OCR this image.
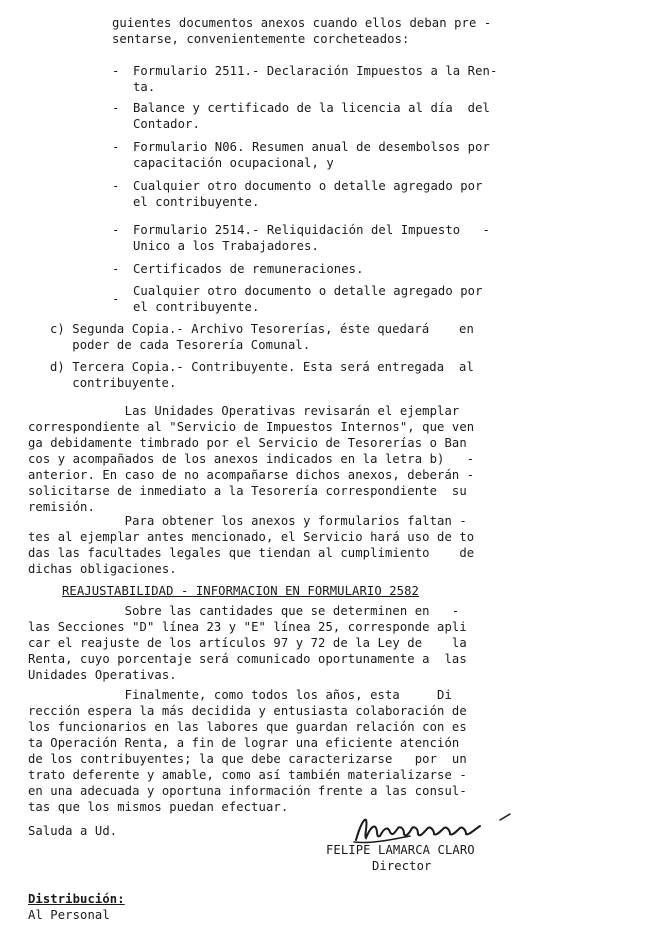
guientes documentos anexos cuando ellos deban pre -
sentarse, convenientemente corcheteados:
- Formulario 2511.- Declaración Impuestos a la Ren-
ta.
- Balance y certificado de la licencia al día  del
Contador.
- Formulario N06. Resumen anual de desembolsos por
capacitación ocupacional, y
- Cualquier otro documento o detalle agregado por
el contribuyente.
- Formulario 2514.- Reliquidación del Impuesto   -
Unico a los Trabajadores.
- Certificados de remuneraciones.
-
Cualquier otro documento o detalle agregado por
el contribuyente.
c) Segunda Copia.- Archivo Tesorerías, éste quedará    en
poder de cada Tesorería Comunal.
d) Tercera Copia.- Contribuyente. Esta será entregada  al
contribuyente.
Las Unidades Operativas revisarán el ejemplar
correspondiente al "Servicio de Impuestos Internos", que ven
ga debidamente timbrado por el Servicio de Tesorerías o Ban
cos y acompañados de los anexos indicados en la letra b)   -
anterior. En caso de no acompañarse dichos anexos, deberán -
solicitarse de inmediato a la Tesorería correspondiente  su
remisión.
Para obtener los anexos y formularios faltan -
tes al ejemplar antes mencionado, el Servicio hará uso de to
das las facultades legales que tiendan al cumplimiento    de
dichas obligaciones.
REAJUSTABILIDAD - INFORMACION EN FORMULARIO 2582
Sobre las cantidades que se determinen en   -
las Secciones "D" línea 23 y "E" línea 25, corresponde apli
car el reajuste de los artículos 97 y 72 de la Ley de    la
Renta, cuyo porcentaje será comunicado oportunamente a  las
Unidades Operativas.
Finalmente, como todos los años, esta     Di
rección espera la más decidida y entusiasta colaboración de
los funcionarios en las labores que guardan relación con es
ta Operación Renta, a fin de lograr una eficiente atención
de los contribuyentes; la que debe caracterizarse   por  un
trato deferente y amable, como así también materializarse -
en una adecuada y oportuna información frente a las consul-
tas que los mismos puedan efectuar.
Saluda a Ud.
FELIPE LAMARCA CLARO
Director
Distribución:
Al Personal
